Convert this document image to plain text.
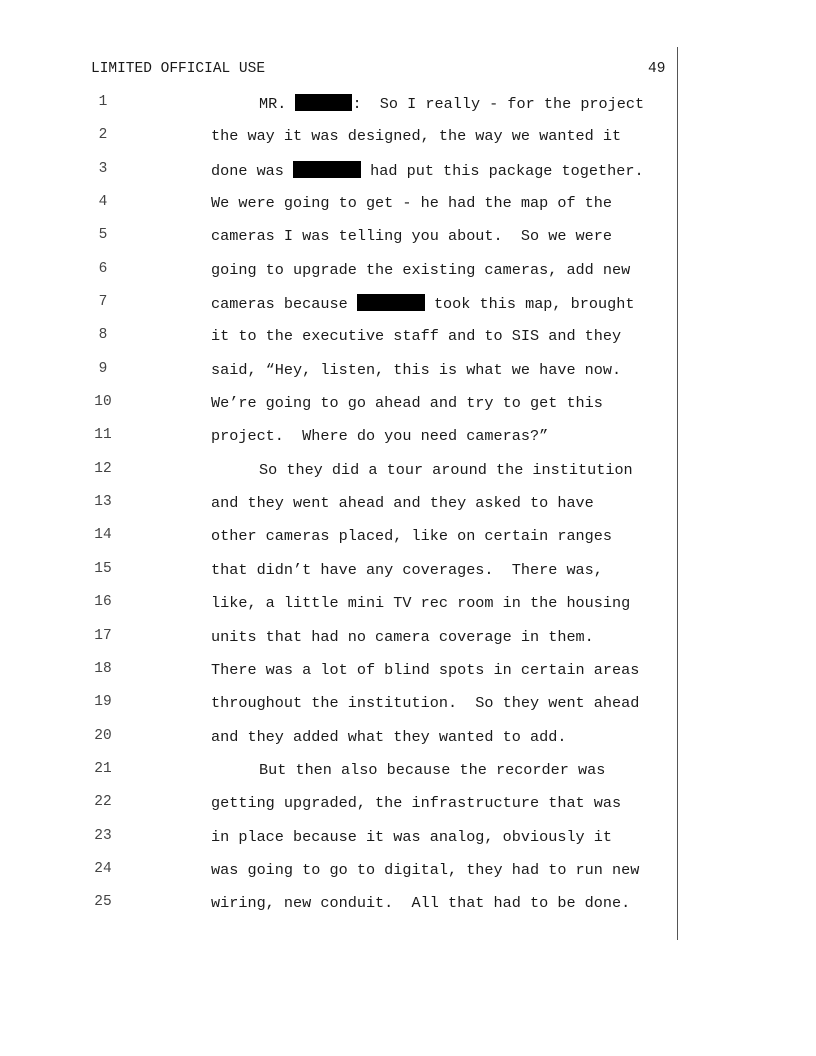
LIMITED OFFICIAL USE	49
1	MR.	:  So I really - for the project
2	the way it was designed, the way we wanted it
3	done was	had put this package together.
4	We were going to get - he had the map of the
5	cameras I was telling you about.  So we were
6	going to upgrade the existing cameras, add new
7	cameras because	took this map, brought
8	it to the executive staff and to SIS and they
9	said, “Hey, listen, this is what we have now.
10	We’re going to go ahead and try to get this
11	project.  Where do you need cameras?”
12	So they did a tour around the institution
13	and they went ahead and they asked to have
14	other cameras placed, like on certain ranges
15	that didn’t have any coverages.  There was,
16	like, a little mini TV rec room in the housing
17	units that had no camera coverage in them.
18	There was a lot of blind spots in certain areas
19	throughout the institution.  So they went ahead
20	and they added what they wanted to add.
21	But then also because the recorder was
22	getting upgraded, the infrastructure that was
23	in place because it was analog, obviously it
24	was going to go to digital, they had to run new
25	wiring, new conduit.  All that had to be done.
